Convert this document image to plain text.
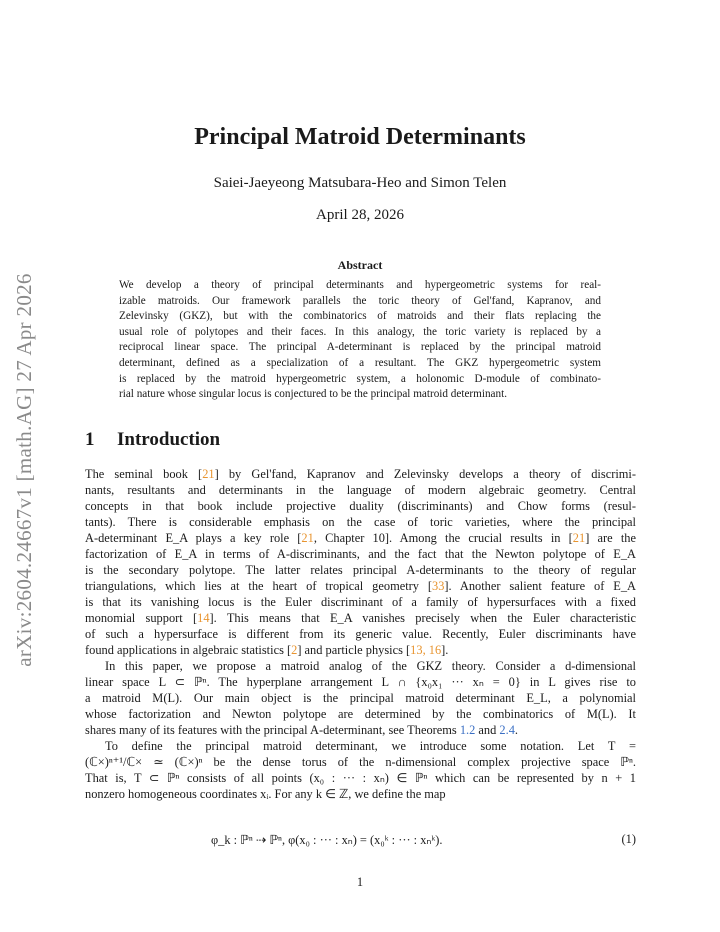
arXiv:2604.24667v1 [math.AG] 27 Apr 2026
Principal Matroid Determinants
Saiei-Jaeyeong Matsubara-Heo and Simon Telen
April 28, 2026
Abstract
We develop a theory of principal determinants and hypergeometric systems for real-
izable matroids. Our framework parallels the toric theory of Gel'fand, Kapranov, and
Zelevinsky (GKZ), but with the combinatorics of matroids and their flats replacing the
usual role of polytopes and their faces. In this analogy, the toric variety is replaced by a
reciprocal linear space. The principal A-determinant is replaced by the principal matroid
determinant, defined as a specialization of a resultant. The GKZ hypergeometric system
is replaced by the matroid hypergeometric system, a holonomic D-module of combinato-
rial nature whose singular locus is conjectured to be the principal matroid determinant.
1 Introduction
The seminal book [21] by Gel'fand, Kapranov and Zelevinsky develops a theory of discrimi-
nants, resultants and determinants in the language of modern algebraic geometry. Central
concepts in that book include projective duality (discriminants) and Chow forms (resul-
tants). There is considerable emphasis on the case of toric varieties, where the principal
A-determinant E_A plays a key role [21, Chapter 10]. Among the crucial results in [21] are the
factorization of E_A in terms of A-discriminants, and the fact that the Newton polytope of E_A
is the secondary polytope. The latter relates principal A-determinants to the theory of regular
triangulations, which lies at the heart of tropical geometry [33]. Another salient feature of E_A
is that its vanishing locus is the Euler discriminant of a family of hypersurfaces with a fixed
monomial support [14]. This means that E_A vanishes precisely when the Euler characteristic
of such a hypersurface is different from its generic value. Recently, Euler discriminants have
found applications in algebraic statistics [2] and particle physics [13, 16].
In this paper, we propose a matroid analog of the GKZ theory. Consider a d-dimensional
linear space L ⊂ ℙⁿ. The hyperplane arrangement L ∩ {x₀x₁ ··· xₙ = 0} in L gives rise to
a matroid M(L). Our main object is the principal matroid determinant E_L, a polynomial
whose factorization and Newton polytope are determined by the combinatorics of M(L). It
shares many of its features with the principal A-determinant, see Theorems 1.2 and 2.4.
To define the principal matroid determinant, we introduce some notation. Let T =
(ℂ×)ⁿ⁺¹/ℂ× ≃ (ℂ×)ⁿ be the dense torus of the n-dimensional complex projective space ℙⁿ.
That is, T ⊂ ℙⁿ consists of all points (x₀ : ··· : xₙ) ∈ ℙⁿ which can be represented by n + 1
nonzero homogeneous coordinates xᵢ. For any k ∈ ℤ, we define the map
φ_k : ℙⁿ ⇢ ℙⁿ, φ(x₀ : ··· : xₙ) = (x₀ᵏ : ··· : xₙᵏ).	(1)
1
